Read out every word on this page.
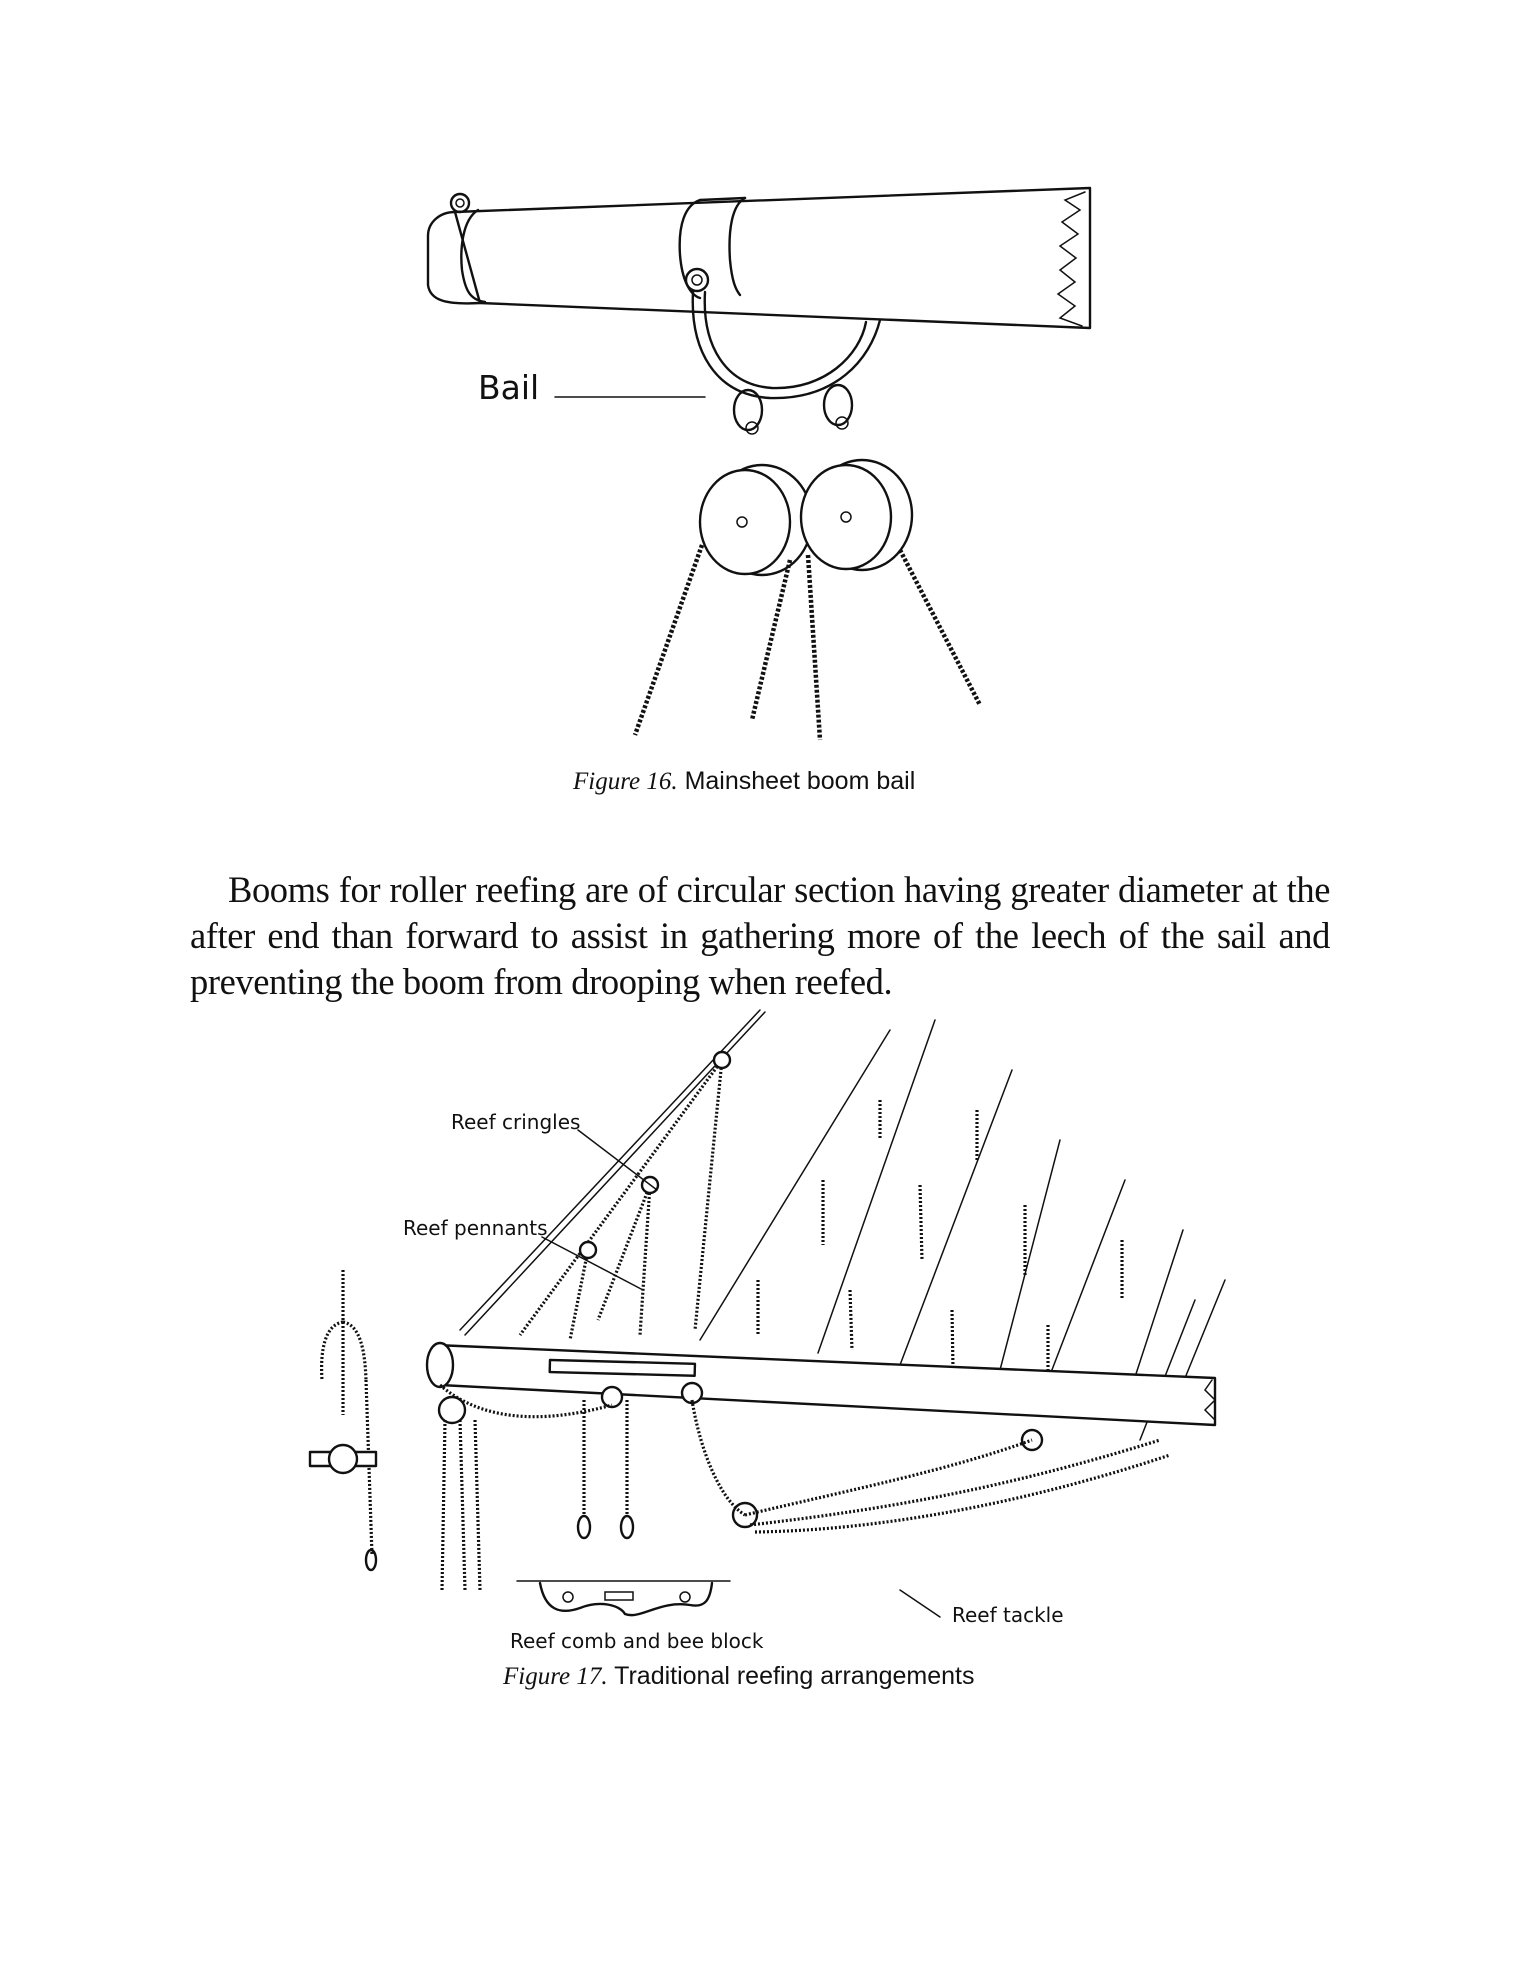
Bail
Figure 16. Mainsheet boom bail

Booms for roller reefing are of circular section having greater diameter at the after end than forward to assist in gathering more of the leech of the sail and preventing the boom from drooping when reefed.

Reef cringles
Reef pennants
Reef tackle
Reef comb and bee block
Figure 17. Traditional reefing arrangements
